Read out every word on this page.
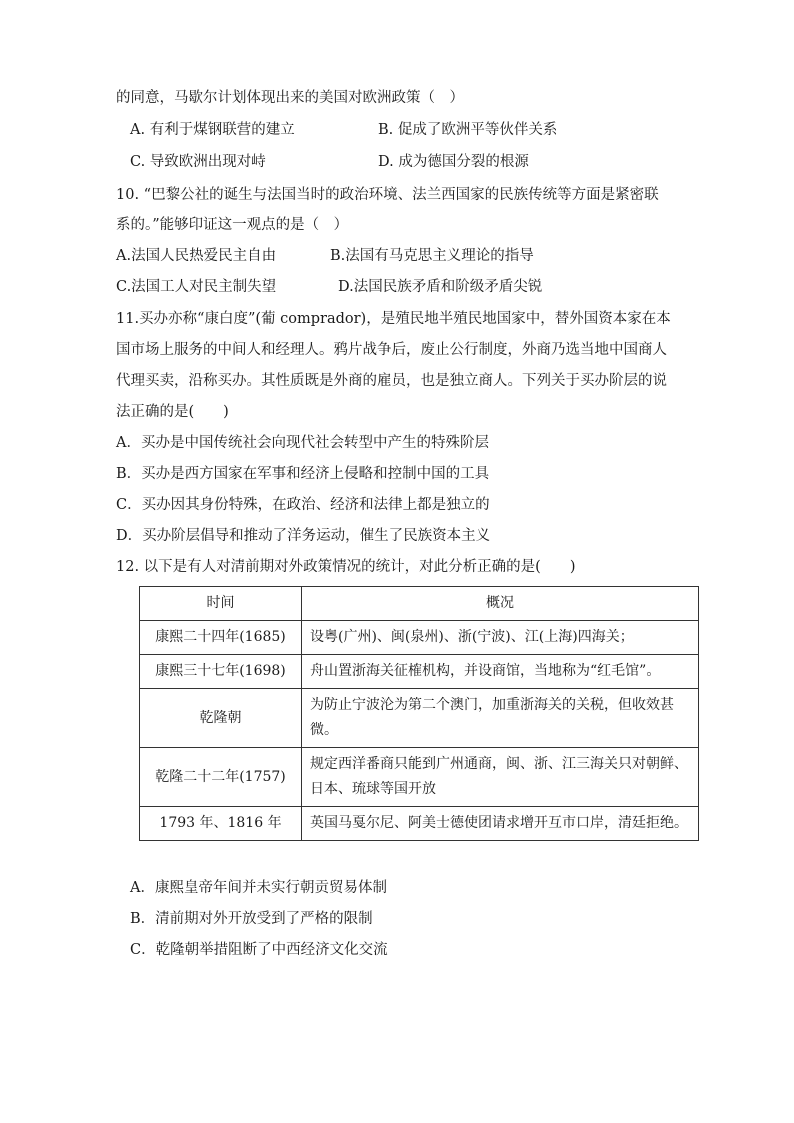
的同意，马歇尔计划体现出来的美国对欧洲政策（　）
A. 有利于煤钢联营的建立	B. 促成了欧洲平等伙伴关系
C. 导致欧洲出现对峙	D. 成为德国分裂的根源
10. “巴黎公社的诞生与法国当时的政治环境、法兰西国家的民族传统等方面是紧密联
系的。”能够印证这一观点的是（　）
A.法国人民热爱民主自由	B.法国有马克思主义理论的指导
C.法国工人对民主制失望	D.法国民族矛盾和阶级矛盾尖锐
11.买办亦称“康白度”(葡 comprador)，是殖民地半殖民地国家中，替外国资本家在本
国市场上服务的中间人和经理人。鸦片战争后，废止公行制度，外商乃选当地中国商人
代理买卖，沿称买办。其性质既是外商的雇员，也是独立商人。下列关于买办阶层的说
法正确的是(　　)
A．买办是中国传统社会向现代社会转型中产生的特殊阶层
B．买办是西方国家在军事和经济上侵略和控制中国的工具
C．买办因其身份特殊，在政治、经济和法律上都是独立的
D．买办阶层倡导和推动了洋务运动，催生了民族资本主义
12. 以下是有人对清前期对外政策情况的统计，对此分析正确的是(　　)
时间	概况
康熙二十四年(1685)	设粤(广州)、闽(泉州)、浙(宁波)、江(上海)四海关；
康熙三十七年(1698)	舟山置浙海关征榷机构，并设商馆，当地称为“红毛馆”。
乾隆朝	为防止宁波沦为第二个澳门，加重浙海关的关税，但收效甚微。
乾隆二十二年(1757)	规定西洋番商只能到广州通商，闽、浙、江三海关只对朝鲜、日本、琉球等国开放
1793 年、1816 年	英国马戛尔尼、阿美士德使团请求增开互市口岸，清廷拒绝。
A．康熙皇帝年间并未实行朝贡贸易体制
B．清前期对外开放受到了严格的限制
C．乾隆朝举措阻断了中西经济文化交流
